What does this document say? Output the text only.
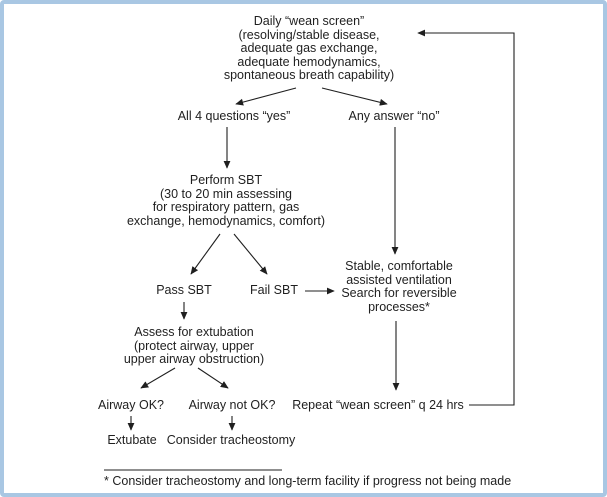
Daily “wean screen”
(resolving/stable disease,
adequate gas exchange,
adequate hemodynamics,
spontaneous breath capability)
All 4 questions “yes”	Any answer “no”
Perform SBT
(30 to 20 min assessing
for respiratory pattern, gas
exchange, hemodynamics, comfort)
Pass SBT	Fail SBT
Stable, comfortable
assisted ventilation
Search for reversible
processes*
Assess for extubation
(protect airway, upper
upper airway obstruction)
Airway OK?	Airway not OK?	Repeat “wean screen” q 24 hrs
Extubate Consider tracheostomy
* Consider tracheostomy and long-term facility if progress not being made
